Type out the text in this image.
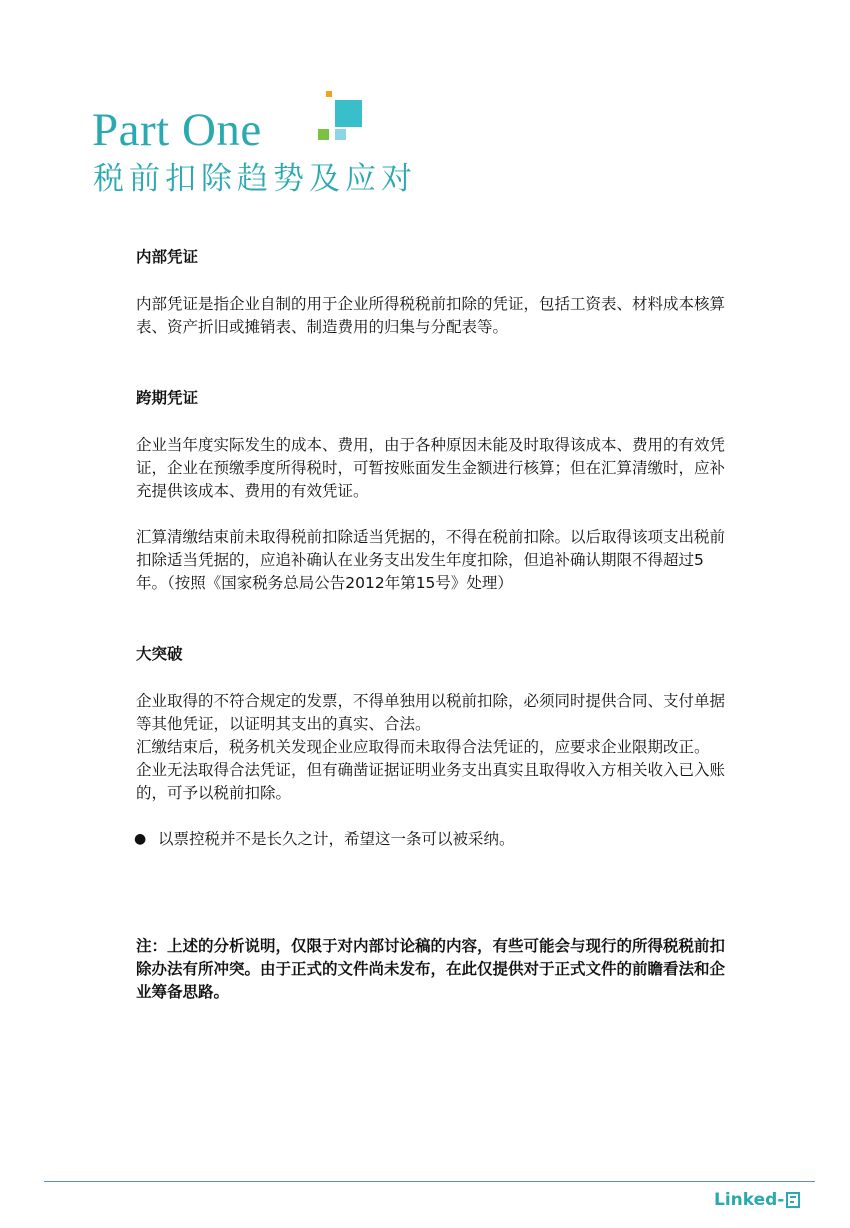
Part One
税前扣除趋势及应对

内部凭证

内部凭证是指企业自制的用于企业所得税税前扣除的凭证，包括工资表、材料成本核算表、资产折旧或摊销表、制造费用的归集与分配表等。

跨期凭证

企业当年度实际发生的成本、费用，由于各种原因未能及时取得该成本、费用的有效凭证，企业在预缴季度所得税时，可暂按账面发生金额进行核算；但在汇算清缴时，应补充提供该成本、费用的有效凭证。

汇算清缴结束前未取得税前扣除适当凭据的，不得在税前扣除。以后取得该项支出税前扣除适当凭据的，应追补确认在业务支出发生年度扣除，但追补确认期限不得超过5年。（按照《国家税务总局公告2012年第15号》处理）

大突破

企业取得的不符合规定的发票，不得单独用以税前扣除，必须同时提供合同、支付单据等其他凭证，以证明其支出的真实、合法。

汇缴结束后，税务机关发现企业应取得而未取得合法凭证的，应要求企业限期改正。

企业无法取得合法凭证，但有确凿证据证明业务支出真实且取得收入方相关收入已入账的，可予以税前扣除。

● 以票控税并不是长久之计，希望这一条可以被采纳。
注：上述的分析说明，仅限于对内部讨论稿的内容，有些可能会与现行的所得税税前扣除办法有所冲突。由于正式的文件尚未发布，在此仅提供对于正式文件的前瞻看法和企业筹备思路。
Linked-
